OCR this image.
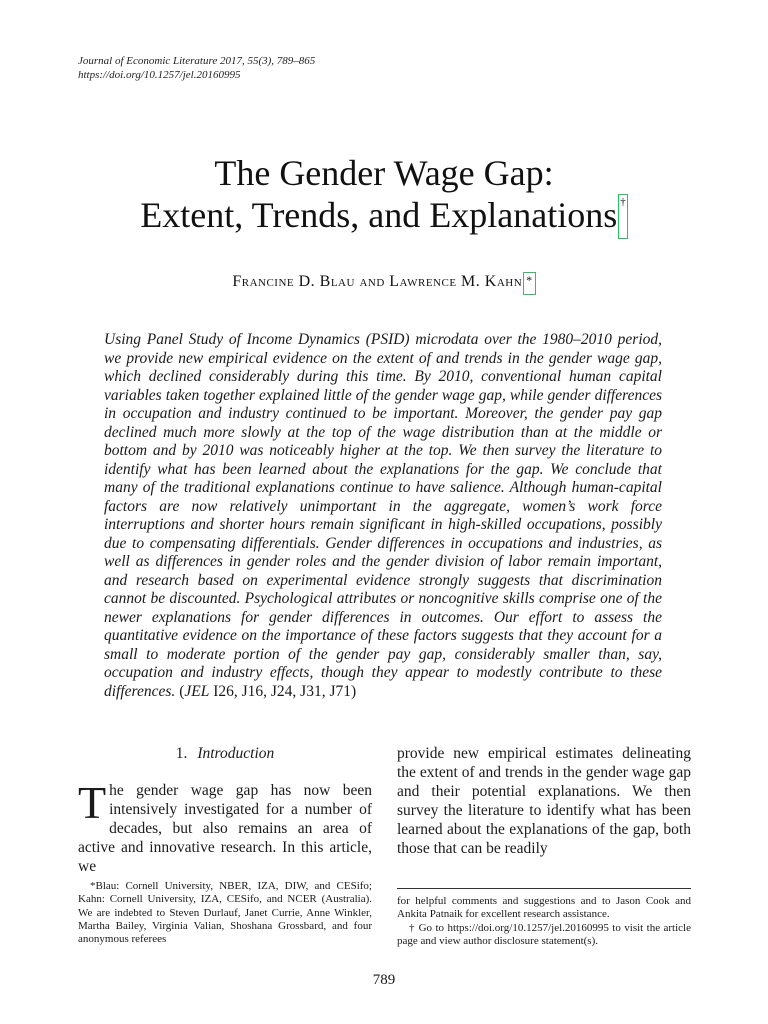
Journal of Economic Literature 2017, 55(3), 789–865
https://doi.org/10.1257/jel.20160995
The Gender Wage Gap:
Extent, Trends, and Explanations †
Francine D. Blau and Lawrence M. Kahn *
Using Panel Study of Income Dynamics (PSID) microdata over the 1980–2010 period, we provide new empirical evidence on the extent of and trends in the gender wage gap, which declined considerably during this time. By 2010, conventional human capital variables taken together explained little of the gender wage gap, while gender differences in occupation and industry continued to be important. Moreover, the gender pay gap declined much more slowly at the top of the wage distribution than at the middle or bottom and by 2010 was noticeably higher at the top. We then survey the literature to identify what has been learned about the explanations for the gap. We conclude that many of the traditional explanations continue to have salience. Although human-capital factors are now relatively unimportant in the aggregate, women’s work force interruptions and shorter hours remain significant in high-skilled occupations, possibly due to compensating differentials. Gender differences in occupations and industries, as well as differences in gender roles and the gender division of labor remain important, and research based on experimental evidence strongly suggests that discrimination cannot be discounted. Psychological attributes or noncognitive skills comprise one of the newer explanations for gender differences in outcomes. Our effort to assess the quantitative evidence on the importance of these factors suggests that they account for a small to moderate portion of the gender pay gap, considerably smaller than, say, occupation and industry effects, though they appear to modestly contribute to these differences. (JEL I26, J16, J24, J31, J71)
1. Introduction
The gender wage gap has now been intensively investigated for a number of decades, but also remains an area of active and innovative research. In this article, we
provide new empirical estimates delineating the extent of and trends in the gender wage gap and their potential explanations. We then survey the literature to identify what has been learned about the explanations of the gap, both those that can be readily
*Blau: Cornell University, NBER, IZA, DIW, and CESifo; Kahn: Cornell University, IZA, CESifo, and NCER (Australia). We are indebted to Steven Durlauf, Janet Currie, Anne Winkler, Martha Bailey, Virginia Valian, Shoshana Grossbard, and four anonymous referees
for helpful comments and suggestions and to Jason Cook and Ankita Patnaik for excellent research assistance.
† Go to https://doi.org/10.1257/jel.20160995 to visit the article page and view author disclosure statement(s).
789
